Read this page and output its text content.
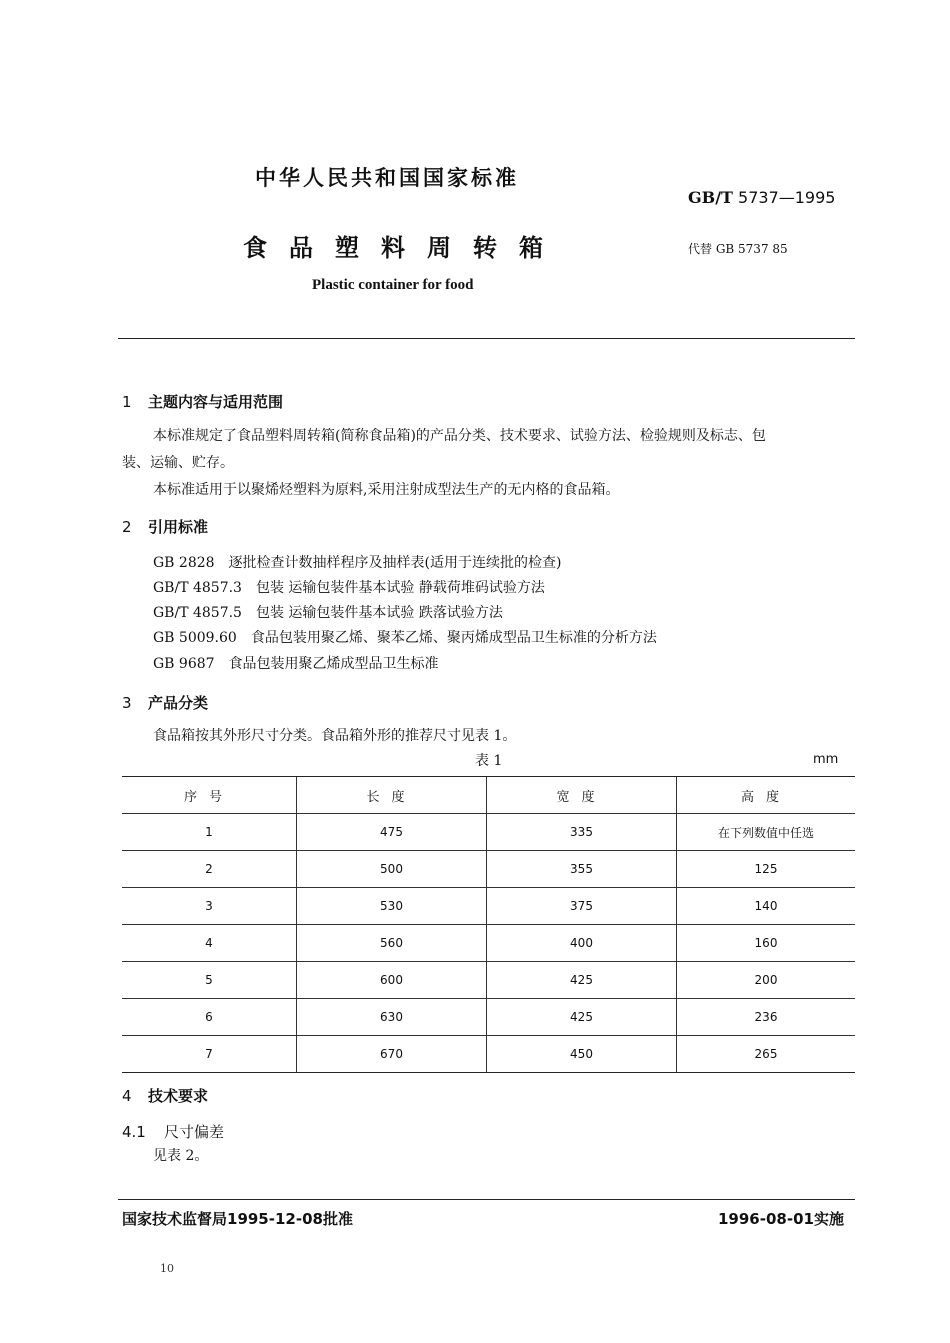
中华人民共和国国家标准
GB/T 5737—1995
食品塑料周转箱	代替 GB 5737 85
Plastic container for food
1 主题内容与适用范围
本标准规定了食品塑料周转箱(简称食品箱)的产品分类、技术要求、试验方法、检验规则及标志、包
装、运输、贮存。
本标准适用于以聚烯烃塑料为原料,采用注射成型法生产的无内格的食品箱。
2 引用标准
GB 2828 逐批检查计数抽样程序及抽样表(适用于连续批的检查)
GB/T 4857.3 包装 运输包装件基本试验 静载荷堆码试验方法
GB/T 4857.5 包装 运输包装件基本试验 跌落试验方法
GB 5009.60 食品包装用聚乙烯、聚苯乙烯、聚丙烯成型品卫生标准的分析方法
GB 9687 食品包装用聚乙烯成型品卫生标准
3 产品分类
食品箱按其外形尺寸分类。食品箱外形的推荐尺寸见表 1。
表 1	mm
序号	长度	宽度	高度
1	475	335	在下列数值中任选
2	500	355	125
3	530	375	140
4	560	400	160
5	600	425	200
6	630	425	236
7	670	450	265
4 技术要求
4.1 尺寸偏差
见表 2。
国家技术监督局1995-12-08批准	1996-08-01实施
10
